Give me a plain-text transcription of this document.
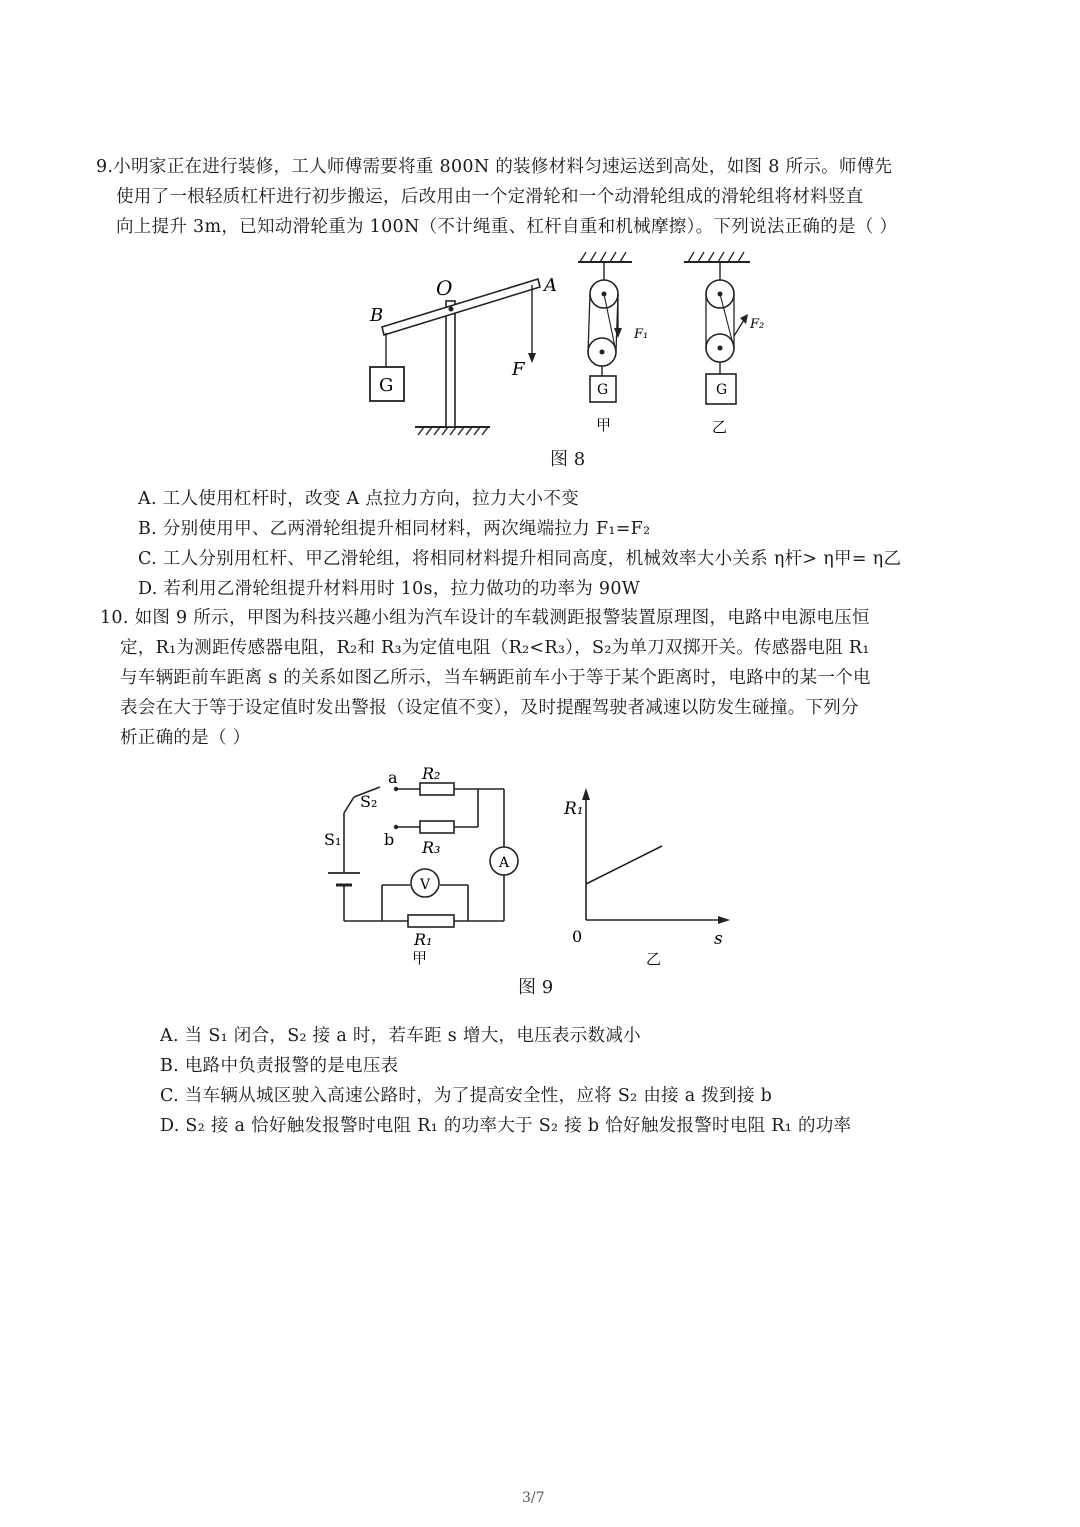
9.小明家正在进行装修，工人师傅需要将重 800N 的装修材料匀速运送到高处，如图 8 所示。师傅先
使用了一根轻质杠杆进行初步搬运，后改用由一个定滑轮和一个动滑轮组成的滑轮组将材料竖直
向上提升 3m，已知动滑轮重为 100N（不计绳重、杠杆自重和机械摩擦）。下列说法正确的是（ ）
O	A
B
F
G
F₁
G
甲
F₂
G
乙
图 8
A. 工人使用杠杆时，改变 A 点拉力方向，拉力大小不变
B. 分别使用甲、乙两滑轮组提升相同材料，两次绳端拉力 F₁=F₂
C. 工人分别用杠杆、甲乙滑轮组，将相同材料提升相同高度，机械效率大小关系 η杆> η甲= η乙
D. 若利用乙滑轮组提升材料用时 10s，拉力做功的功率为 90W
10. 如图 9 所示，甲图为科技兴趣小组为汽车设计的车载测距报警装置原理图，电路中电源电压恒
定，R₁为测距传感器电阻，R₂和 R₃为定值电阻（R₂<R₃），S₂为单刀双掷开关。传感器电阻 R₁
与车辆距前车距离 s 的关系如图乙所示，当车辆距前车小于等于某个距离时，电路中的某一个电
表会在大于等于设定值时发出警报（设定值不变），及时提醒驾驶者减速以防发生碰撞。下列分
析正确的是（ ）
a
b
R₂
R₃
R₁
S₁
S₂
A
V
甲
R₁
s
0
乙
图 9
A. 当 S₁ 闭合，S₂ 接 a 时，若车距 s 增大，电压表示数减小
B. 电路中负责报警的是电压表
C. 当车辆从城区驶入高速公路时，为了提高安全性，应将 S₂ 由接 a 拨到接 b
D. S₂ 接 a 恰好触发报警时电阻 R₁ 的功率大于 S₂ 接 b 恰好触发报警时电阻 R₁ 的功率
3/7
